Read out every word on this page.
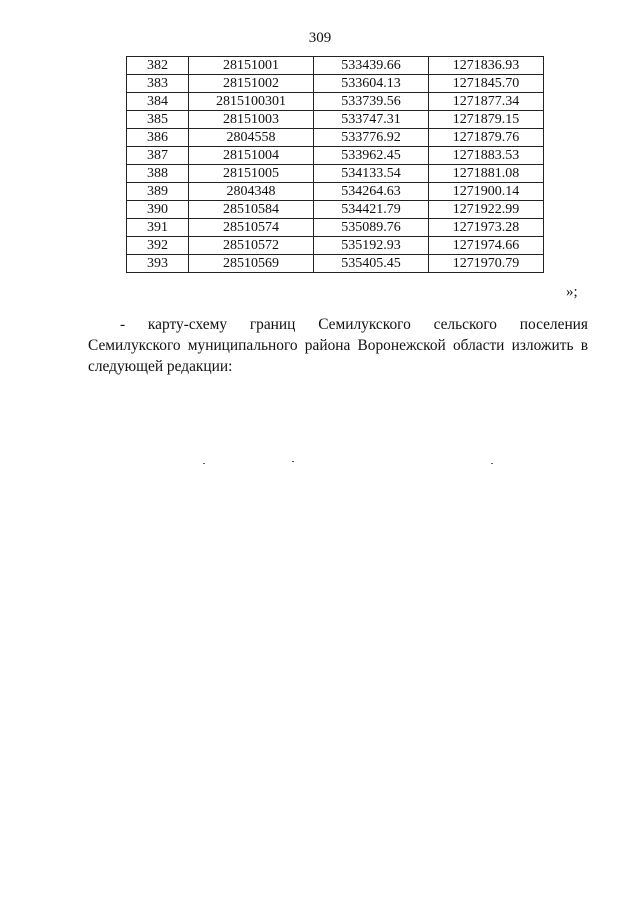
309
382	28151001	533439.66	1271836.93
383	28151002	533604.13	1271845.70
384	2815100301	533739.56	1271877.34
385	28151003	533747.31	1271879.15
386	2804558	533776.92	1271879.76
387	28151004	533962.45	1271883.53
388	28151005	534133.54	1271881.08
389	2804348	534264.63	1271900.14
390	28510584	534421.79	1271922.99
391	28510574	535089.76	1271973.28
392	28510572	535192.93	1271974.66
393	28510569	535405.45	1271970.79
»;

- карту-схему границ Семилукского сельского поселения Семилукского муниципального района Воронежской области изложить в следующей редакции:
